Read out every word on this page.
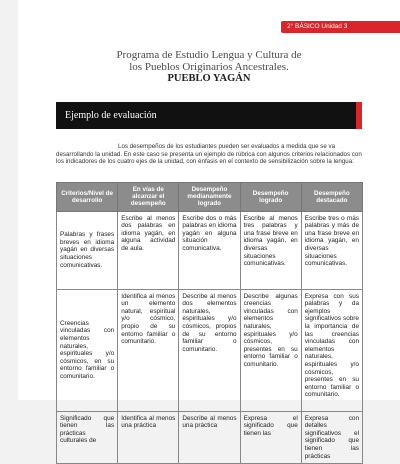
2° BÁSICO Unidad 3
Programa de Estudio Lengua y Cultura de
los Pueblos Originarios Ancestrales.
PUEBLO YAGÁN
Ejemplo de evaluación

Los desempeños de los estudiantes pueden ser evaluados a medida que se va desarrollando la unidad. En este caso se presenta un ejemplo de rúbrica con algunos criterios relacionados con los indicadores de los cuatro ejes de la unidad, con énfasis en el contexto de sensibilización sobre la lengua:

Criterios/Nivel de desarrollo	En vías de alcanzar el desempeño	Desempeño medianamente logrado	Desempeño logrado	Desempeño destacado
Palabras y frases breves en idioma yagán en diversas situaciones comunicativas.	Escribe al menos dos palabras en idioma yagán, en alguna actividad de aula.	Escribe dos o más palabras en idioma yagán en alguna situación comunicativa.	Escribe al menos tres palabras y una frase breve en idioma yagán, en diversas situaciones comunicativas.	Escribe tres o más palabras y más de una frase breve en idioma yagán, en diversas situaciones comunicativas.
Creencias vinculadas con elementos naturales, espirituales y/o cósmicos, en su entorno familiar o comunitario.	Identifica al menos un elemento natural, espiritual y/o cósmico, propio de su entorno familiar o comunitario.	Describe al menos dos elementos naturales, espirituales y/o cósmicos, propios de su entorno familiar o comunitario.	Describe algunas creencias vinculadas con elementos naturales, espirituales y/o cósmicos, presentes en su entorno familiar o comunitario.	Expresa con sus palabras y da ejemplos significativos sobre la importancia de las creencias vinculadas con elementos naturales, espirituales y/o cósmicos, presentes en su entorno familiar o comunitario.
Significado que tienen las prácticas culturales de	Identifica al menos una práctica	Describe al menos una práctica	Expresa el significado que tienen las	Expresa con detalles significativos el significado que tienen las prácticas
